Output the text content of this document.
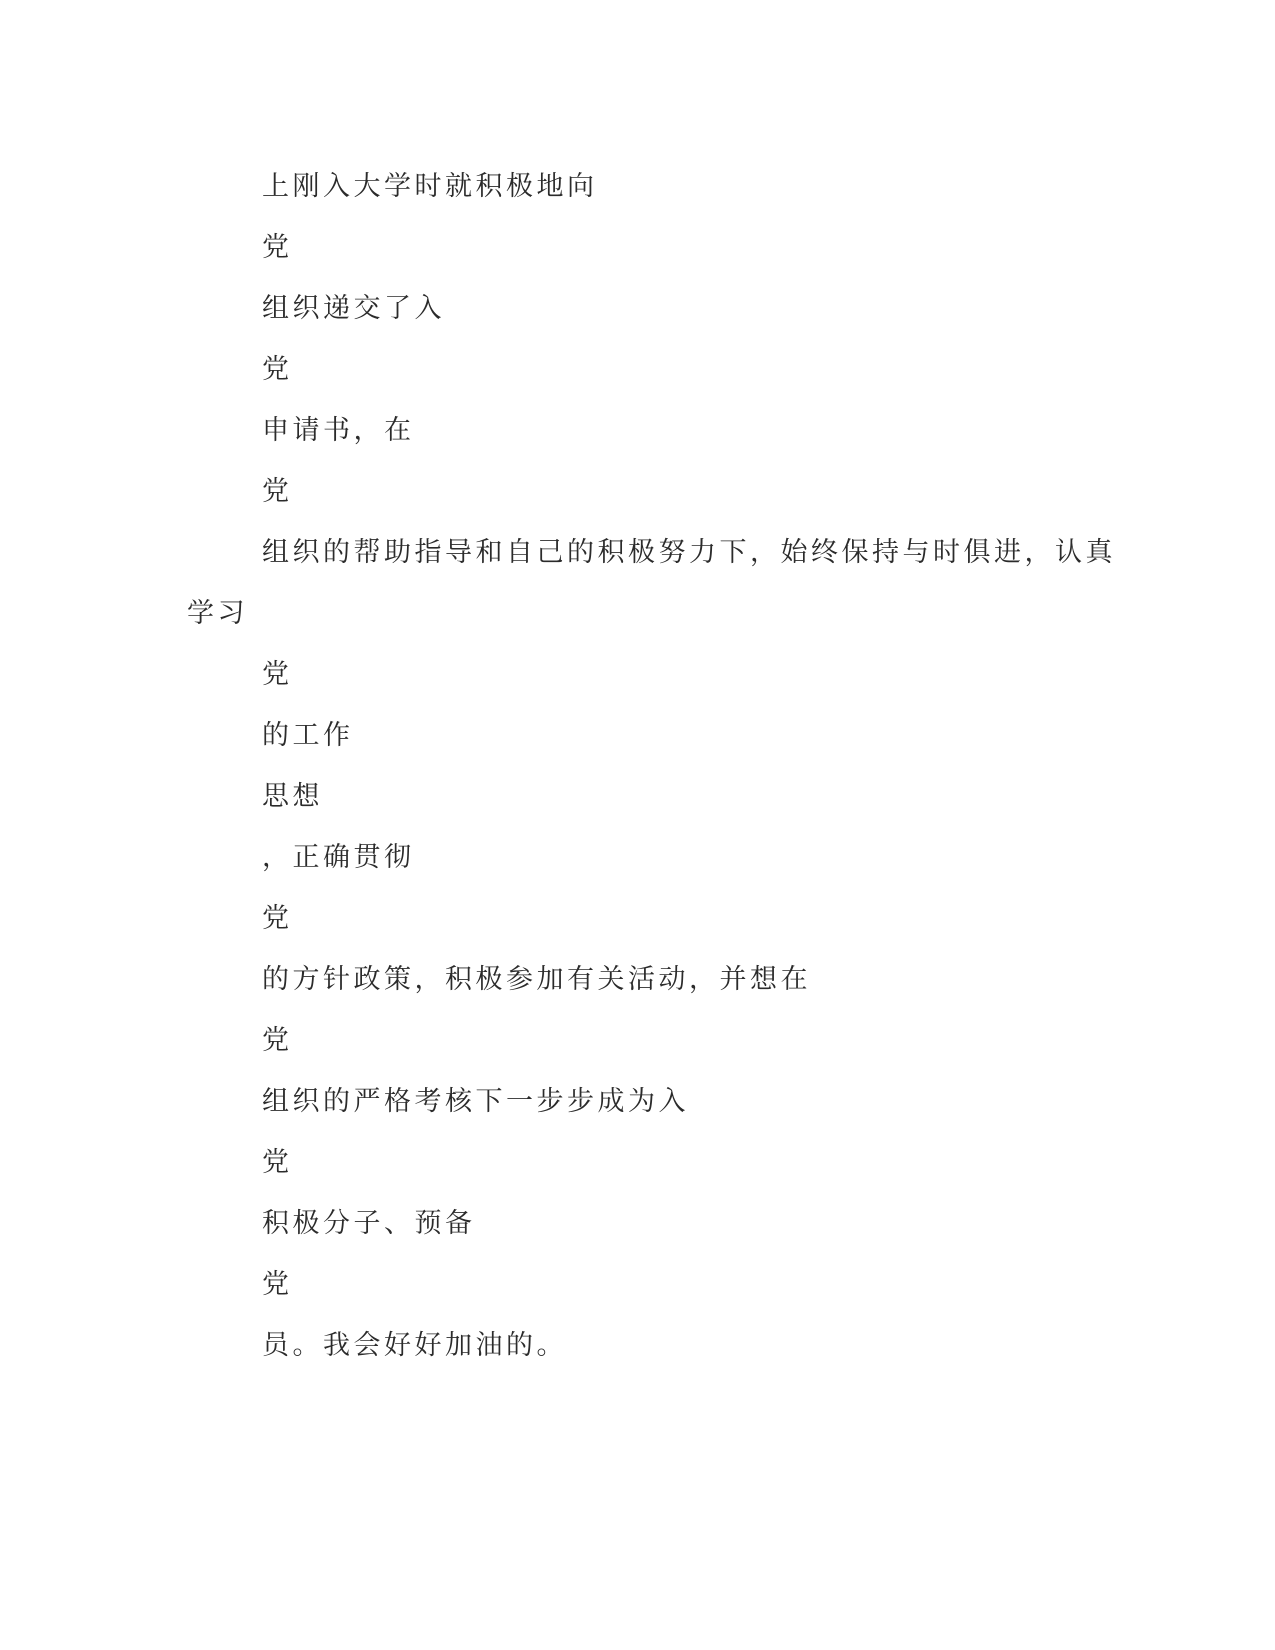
上刚入大学时就积极地向

党

组织递交了入

党

申请书，在

党

组织的帮助指导和自己的积极努力下，始终保持与时俱进，认真

学习

党

的工作

思想

，正确贯彻

党

的方针政策，积极参加有关活动，并想在

党

组织的严格考核下一步步成为入

党

积极分子、预备

党

员。我会好好加油的。
